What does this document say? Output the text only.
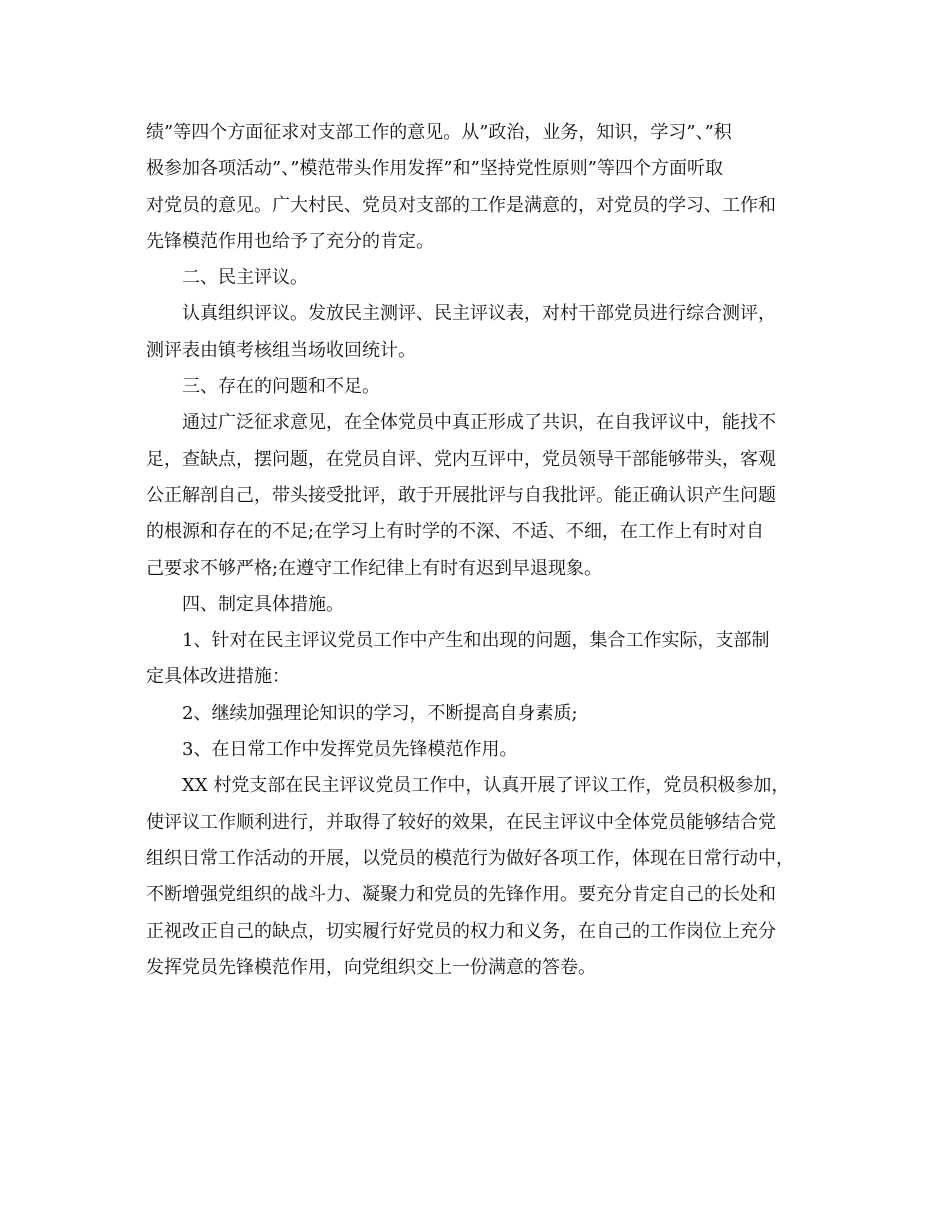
绩”等四个方面征求对支部工作的意见。从”政治，业务，知识，学习”、”积
极参加各项活动”、”模范带头作用发挥”和”坚持党性原则”等四个方面听取
对党员的意见。广大村民、党员对支部的工作是满意的，对党员的学习、工作和
先锋模范作用也给予了充分的肯定。

二、民主评议。

认真组织评议。发放民主测评、民主评议表，对村干部党员进行综合测评，
测评表由镇考核组当场收回统计。

三、存在的问题和不足。

通过广泛征求意见，在全体党员中真正形成了共识，在自我评议中，能找不
足，查缺点，摆问题，在党员自评、党内互评中，党员领导干部能够带头，客观
公正解剖自己，带头接受批评，敢于开展批评与自我批评。能正确认识产生问题
的根源和存在的不足;在学习上有时学的不深、不适、不细，在工作上有时对自
己要求不够严格;在遵守工作纪律上有时有迟到早退现象。

四、制定具体措施。

1、针对在民主评议党员工作中产生和出现的问题，集合工作实际，支部制
定具体改进措施：

2、继续加强理论知识的学习，不断提高自身素质;

3、在日常工作中发挥党员先锋模范作用。

XX 村党支部在民主评议党员工作中，认真开展了评议工作，党员积极参加，
使评议工作顺利进行，并取得了较好的效果，在民主评议中全体党员能够结合党
组织日常工作活动的开展，以党员的模范行为做好各项工作，体现在日常行动中，
不断增强党组织的战斗力、凝聚力和党员的先锋作用。要充分肯定自己的长处和
正视改正自己的缺点，切实履行好党员的权力和义务，在自己的工作岗位上充分
发挥党员先锋模范作用，向党组织交上一份满意的答卷。
